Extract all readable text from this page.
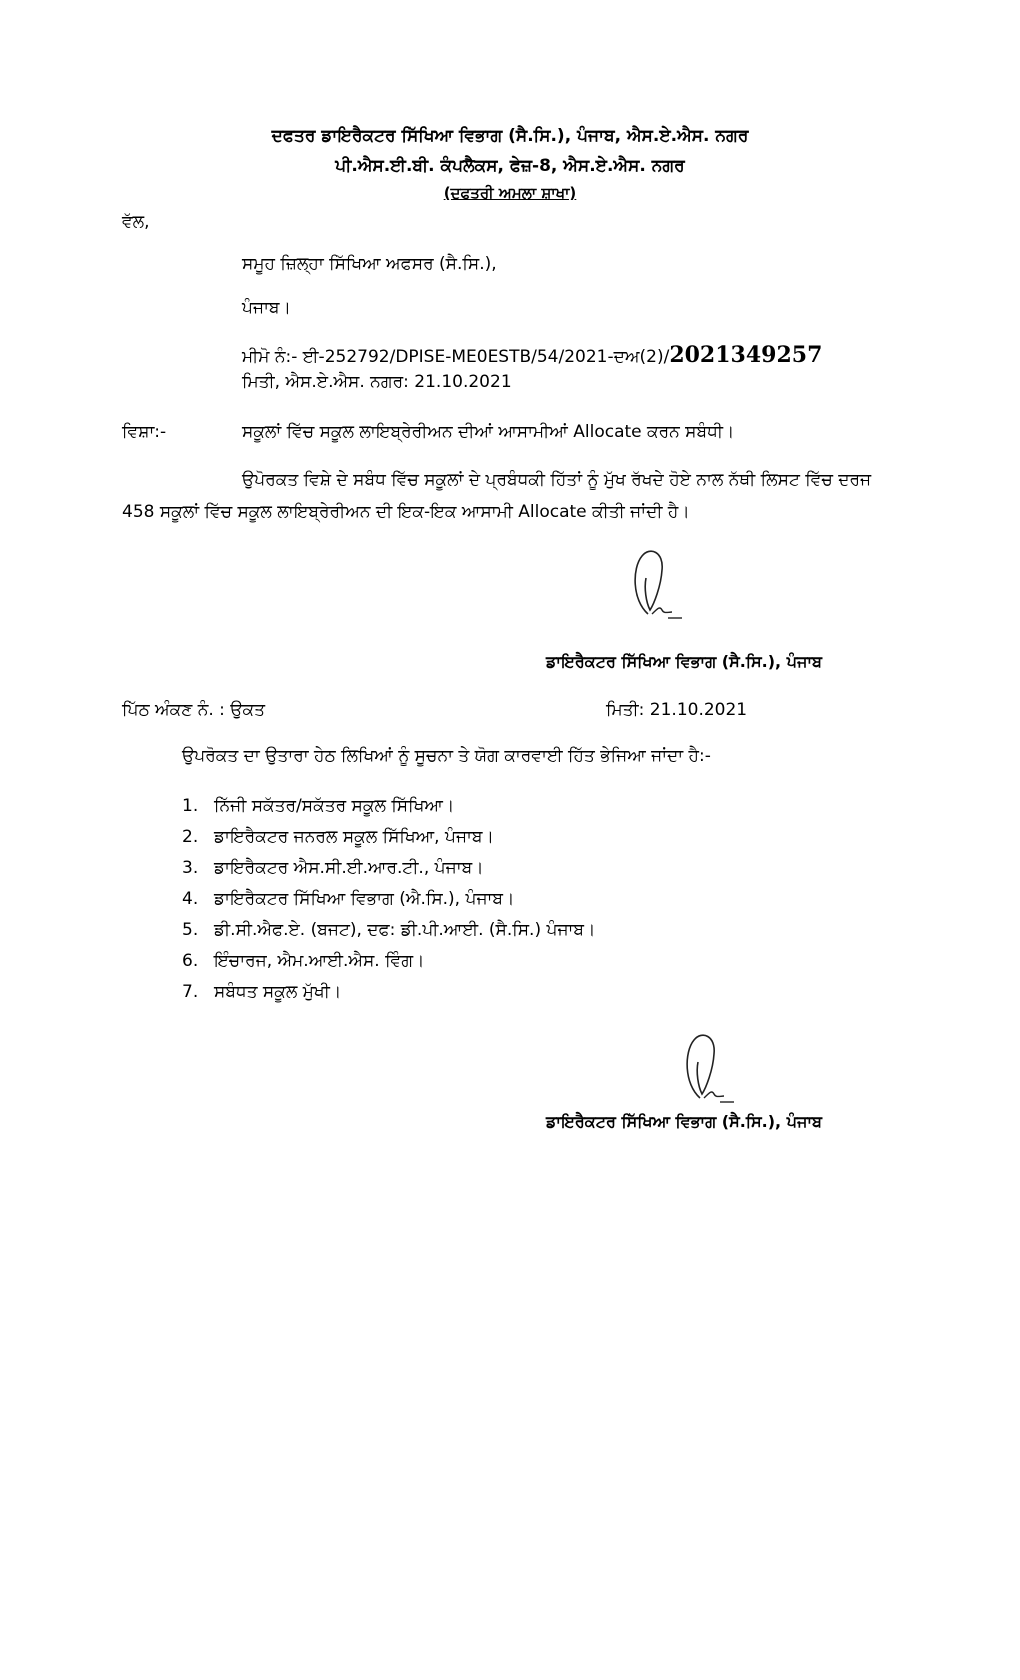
ਦਫਤਰ ਡਾਇਰੈਕਟਰ ਸਿੱਖਿਆ ਵਿਭਾਗ (ਸੈ.ਸਿ.), ਪੰਜਾਬ, ਐਸ.ਏ.ਐਸ. ਨਗਰ
ਪੀ.ਐਸ.ਈ.ਬੀ. ਕੰਪਲੈਕਸ, ਫੇਜ਼-8, ਐਸ.ਏ.ਐਸ. ਨਗਰ
(ਦਫਤਰੀ ਅਮਲਾ ਸ਼ਾਖਾ)
ਵੱਲ,
ਸਮੂਹ ਜ਼ਿਲ੍ਹਾ ਸਿੱਖਿਆ ਅਫਸਰ (ਸੈ.ਸਿ.),
ਪੰਜਾਬ।
ਮੀਮੋ ਨੰ:- ਈ-252792/DPISE-ME0ESTB/54/2021-ਦਅ(2)/2021349257
ਮਿਤੀ, ਐਸ.ਏ.ਐਸ. ਨਗਰ: 21.10.2021
ਵਿਸ਼ਾ:-	ਸਕੂਲਾਂ ਵਿੱਚ ਸਕੂਲ ਲਾਇਬ੍ਰੇਰੀਅਨ ਦੀਆਂ ਆਸਾਮੀਆਂ Allocate ਕਰਨ ਸਬੰਧੀ।
ਉਪੋਰਕਤ ਵਿਸ਼ੇ ਦੇ ਸਬੰਧ ਵਿੱਚ ਸਕੂਲਾਂ ਦੇ ਪ੍ਰਬੰਧਕੀ ਹਿੱਤਾਂ ਨੂੰ ਮੁੱਖ ਰੱਖਦੇ ਹੋਏ ਨਾਲ ਨੱਥੀ ਲਿਸਟ ਵਿੱਚ ਦਰਜ
458 ਸਕੂਲਾਂ ਵਿੱਚ ਸਕੂਲ ਲਾਇਬ੍ਰੇਰੀਅਨ ਦੀ ਇਕ-ਇਕ ਆਸਾਮੀ Allocate ਕੀਤੀ ਜਾਂਦੀ ਹੈ।
ਡਾਇਰੈਕਟਰ ਸਿੱਖਿਆ ਵਿਭਾਗ (ਸੈ.ਸਿ.), ਪੰਜਾਬ
ਪਿੱਠ ਅੰਕਣ ਨੰ. : ਉਕਤ	ਮਿਤੀ: 21.10.2021
ਉਪਰੋਕਤ ਦਾ ਉਤਾਰਾ ਹੇਠ ਲਿਖਿਆਂ ਨੂੰ ਸੂਚਨਾ ਤੇ ਯੋਗ ਕਾਰਵਾਈ ਹਿੱਤ ਭੇਜਿਆ ਜਾਂਦਾ ਹੈ:-
1. ਨਿੱਜੀ ਸਕੱਤਰ/ਸਕੱਤਰ ਸਕੂਲ ਸਿੱਖਿਆ।
2. ਡਾਇਰੈਕਟਰ ਜਨਰਲ ਸਕੂਲ ਸਿੱਖਿਆ, ਪੰਜਾਬ।
3. ਡਾਇਰੈਕਟਰ ਐਸ.ਸੀ.ਈ.ਆਰ.ਟੀ., ਪੰਜਾਬ।
4. ਡਾਇਰੈਕਟਰ ਸਿੱਖਿਆ ਵਿਭਾਗ (ਐ.ਸਿ.), ਪੰਜਾਬ।
5. ਡੀ.ਸੀ.ਐਫ.ਏ. (ਬਜਟ), ਦਫ: ਡੀ.ਪੀ.ਆਈ. (ਸੈ.ਸਿ.) ਪੰਜਾਬ।
6. ਇੰਚਾਰਜ, ਐਮ.ਆਈ.ਐਸ. ਵਿੰਗ।
7. ਸਬੰਧਤ ਸਕੂਲ ਮੁੱਖੀ।
ਡਾਇਰੈਕਟਰ ਸਿੱਖਿਆ ਵਿਭਾਗ (ਸੈ.ਸਿ.), ਪੰਜਾਬ
